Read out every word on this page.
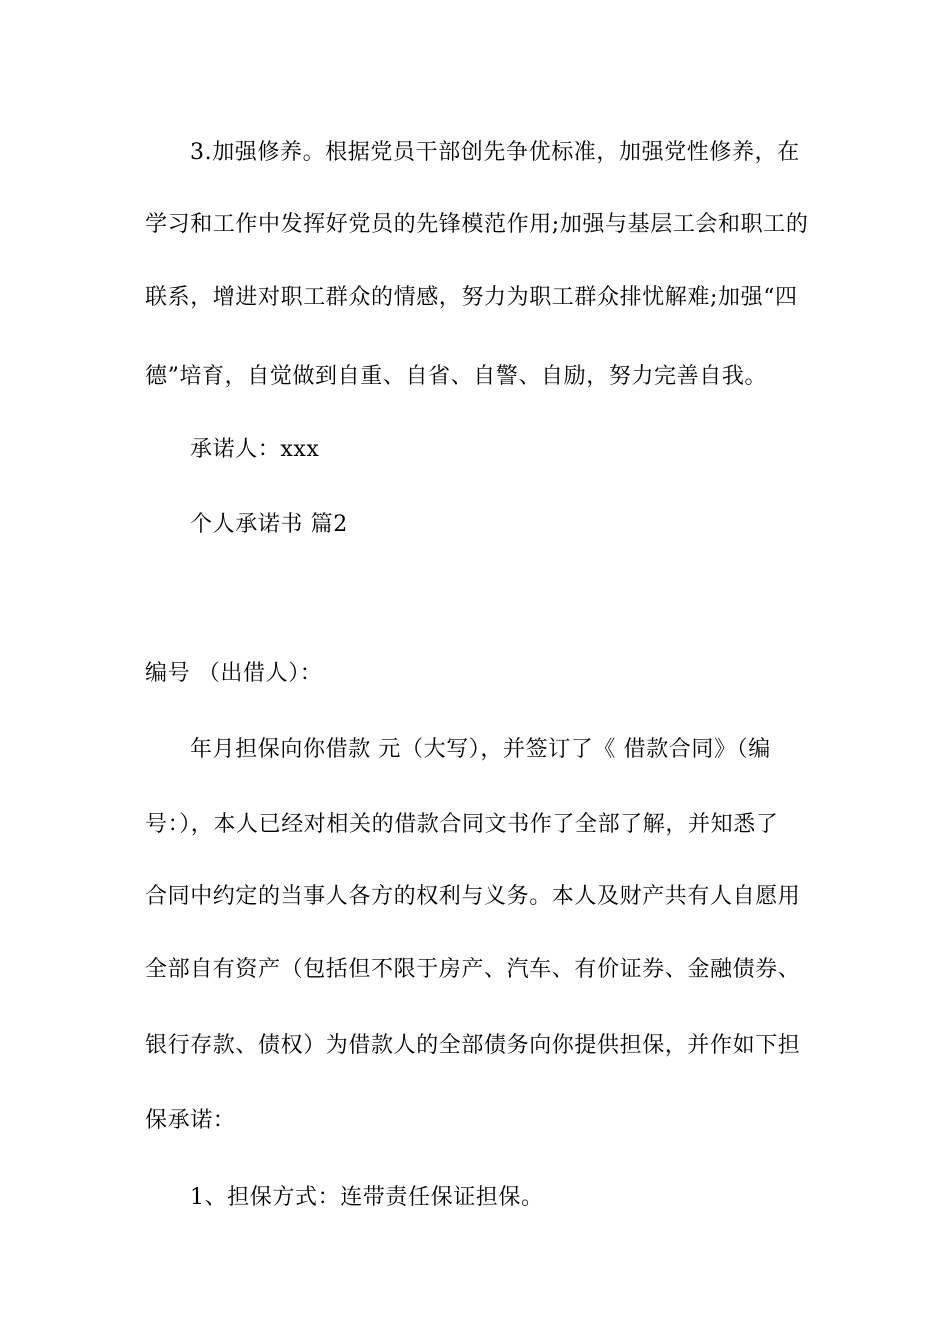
3.加强修养。根据党员干部创先争优标准，加强党性修养，在
学习和工作中发挥好党员的先锋模范作用;加强与基层工会和职工的
联系，增进对职工群众的情感，努力为职工群众排忧解难;加强“四
德”培育，自觉做到自重、自省、自警、自励，努力完善自我。
承诺人：xxx
个人承诺书 篇2
编号 （出借人）：
年月担保向你借款 元（大写），并签订了《 借款合同》（编
号：），本人已经对相关的借款合同文书作了全部了解，并知悉了
合同中约定的当事人各方的权利与义务。本人及财产共有人自愿用
全部自有资产（包括但不限于房产、汽车、有价证券、金融债券、
银行存款、债权）为借款人的全部债务向你提供担保，并作如下担
保承诺：
1、担保方式：连带责任保证担保。
